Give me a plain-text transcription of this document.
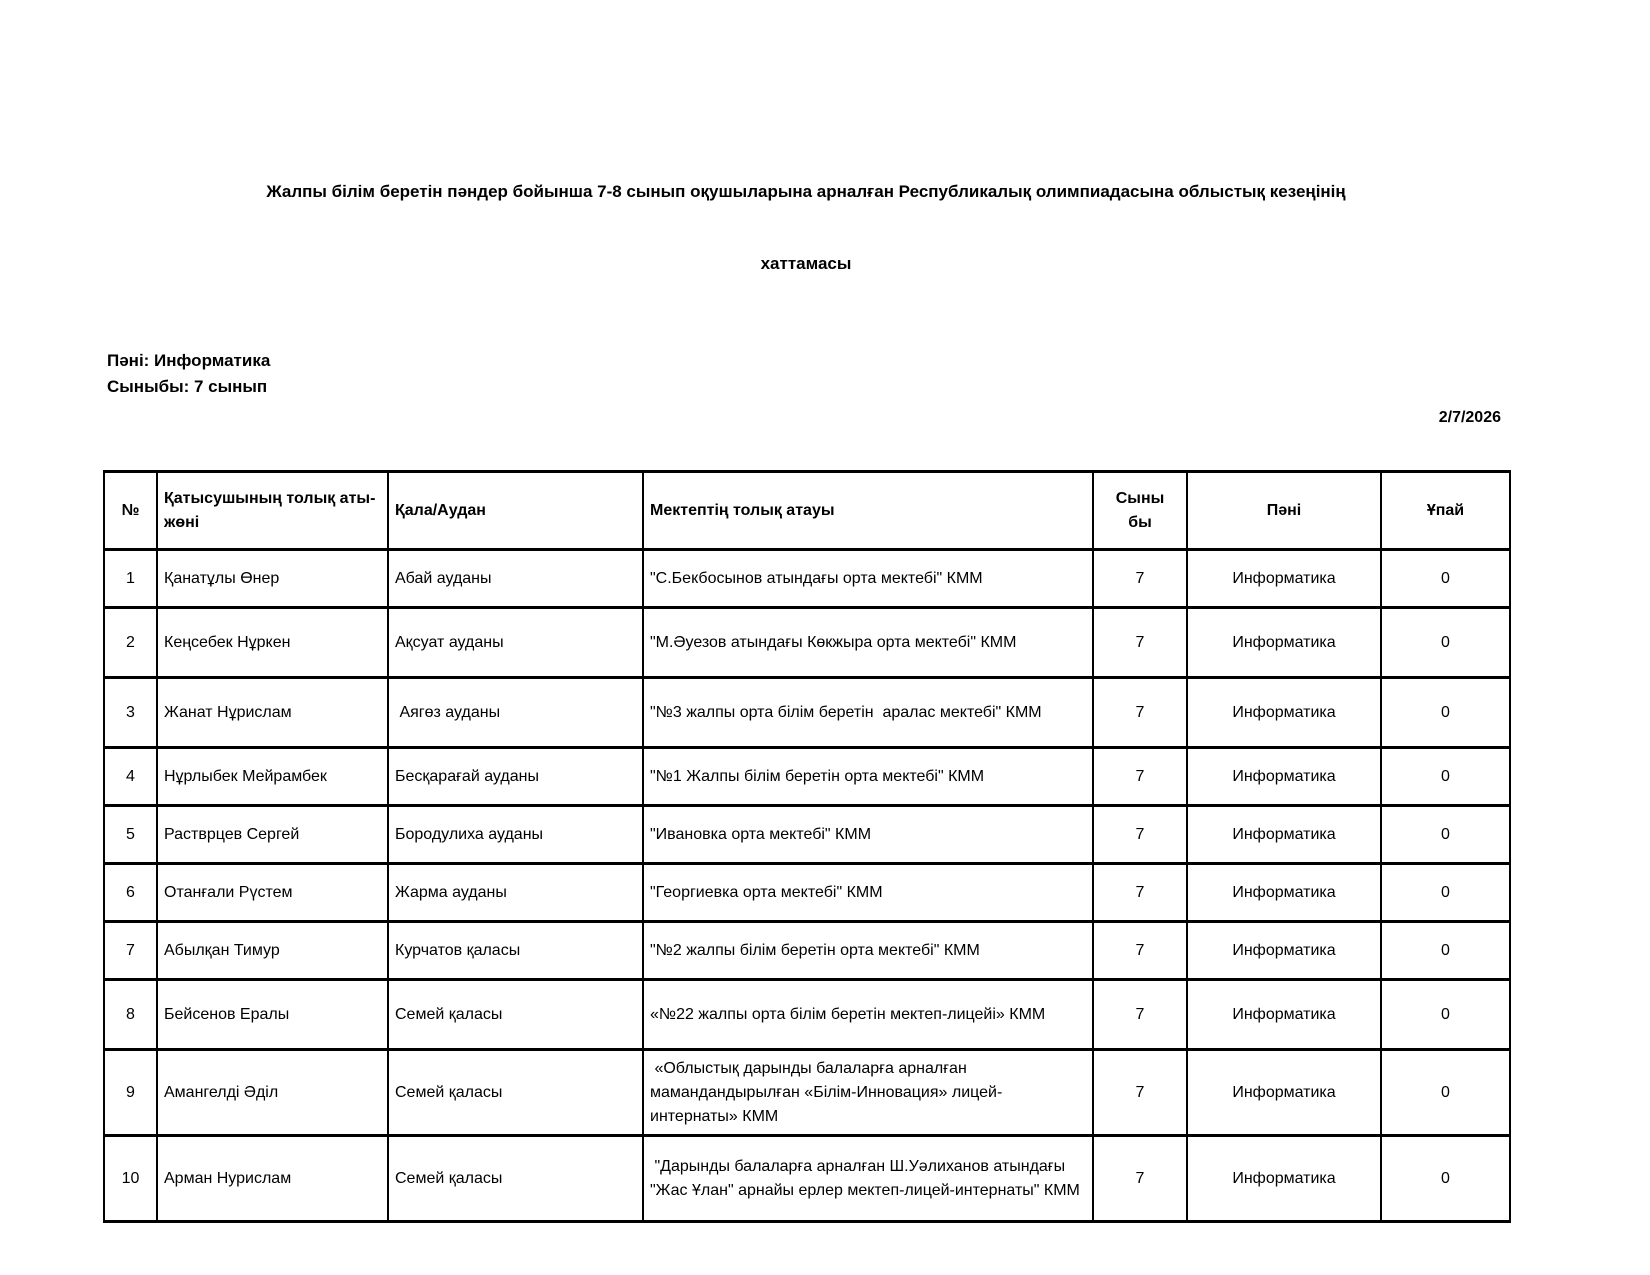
Жалпы білім беретін пәндер бойынша 7-8 сынып оқушыларына арналған Республикалық олимпиадасына облыстық кезеңінің

хаттамасы

Пәні: Информатика
Сыныбы: 7 сынып
2/7/2026
№	Қатысушының толық аты-жөні	Қала/Аудан	Мектептің толық атауы	Сыныбы	Пәні	Ұпай
1	Қанатұлы Өнер	Абай ауданы	"С.Бекбосынов атындағы орта мектебі" КММ	7	Информатика	0
2	Кеңсебек Нұркен	Ақсуат ауданы	"М.Әуезов атындағы Көкжыра орта мектебі" КММ	7	Информатика	0
3	Жанат Нұрислам	Аягөз ауданы	"№3 жалпы орта білім беретін  аралас мектебі" КММ	7	Информатика	0
4	Нұрлыбек Мейрамбек	Бесқарағай ауданы	"№1 Жалпы білім беретін орта мектебі" КММ	7	Информатика	0
5	Растврцев Сергей	Бородулиха ауданы	"Ивановка орта мектебі" КММ	7	Информатика	0
6	Отанғали Рүстем	Жарма ауданы	"Георгиевка орта мектебі" КММ	7	Информатика	0
7	Абылқан Тимур	Курчатов қаласы	"№2 жалпы білім беретін орта мектебі" КММ	7	Информатика	0
8	Бейсенов Ералы	Семей қаласы	«№22 жалпы орта білім беретін мектеп-лицейі» КММ	7	Информатика	0
9	Амангелді Әділ	Семей қаласы	«Облыстық дарынды балаларға арналған мамандандырылған «Білім-Инновация» лицей-интернаты» КММ	7	Информатика	0
10	Арман Нурислам	Семей қаласы	"Дарынды балаларға арналған Ш.Уәлиханов атындағы "Жас Ұлан" арнайы ерлер мектеп-лицей-интернаты" КММ	7	Информатика	0
